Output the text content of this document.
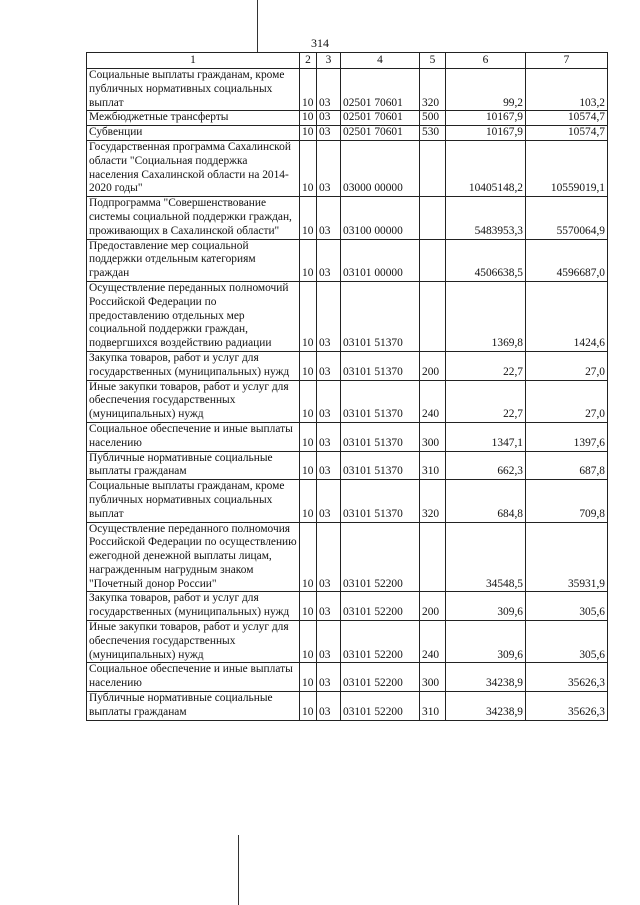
314
1	2	3	4	5	6	7
Социальные выплаты гражданам, кроме публичных нормативных социальных выплат	10	03	02501 70601	320	99,2	103,2
Межбюджетные трансферты	10	03	02501 70601	500	10167,9	10574,7
Субвенции	10	03	02501 70601	530	10167,9	10574,7
Государственная программа Сахалинской области "Социальная поддержка населения Сахалинской области на 2014-2020 годы"	10	03	03000 00000		10405148,2	10559019,1
Подпрограмма "Совершенствование системы социальной поддержки граждан, проживающих в Сахалинской области"	10	03	03100 00000		5483953,3	5570064,9
Предоставление мер социальной поддержки отдельным категориям граждан	10	03	03101 00000		4506638,5	4596687,0
Осуществление переданных полномочий Российской Федерации по предоставлению отдельных мер социальной поддержки граждан, подвергшихся воздействию радиации	10	03	03101 51370		1369,8	1424,6
Закупка товаров, работ и услуг для государственных (муниципальных) нужд	10	03	03101 51370	200	22,7	27,0
Иные закупки товаров, работ и услуг для обеспечения государственных (муниципальных) нужд	10	03	03101 51370	240	22,7	27,0
Социальное обеспечение и иные выплаты населению	10	03	03101 51370	300	1347,1	1397,6
Публичные нормативные социальные выплаты гражданам	10	03	03101 51370	310	662,3	687,8
Социальные выплаты гражданам, кроме публичных нормативных социальных выплат	10	03	03101 51370	320	684,8	709,8
Осуществление переданного полномочия Российской Федерации по осуществлению ежегодной денежной выплаты лицам, награжденным нагрудным знаком "Почетный донор России"	10	03	03101 52200		34548,5	35931,9
Закупка товаров, работ и услуг для государственных (муниципальных) нужд	10	03	03101 52200	200	309,6	305,6
Иные закупки товаров, работ и услуг для обеспечения государственных (муниципальных) нужд	10	03	03101 52200	240	309,6	305,6
Социальное обеспечение и иные выплаты населению	10	03	03101 52200	300	34238,9	35626,3
Публичные нормативные социальные выплаты гражданам	10	03	03101 52200	310	34238,9	35626,3
